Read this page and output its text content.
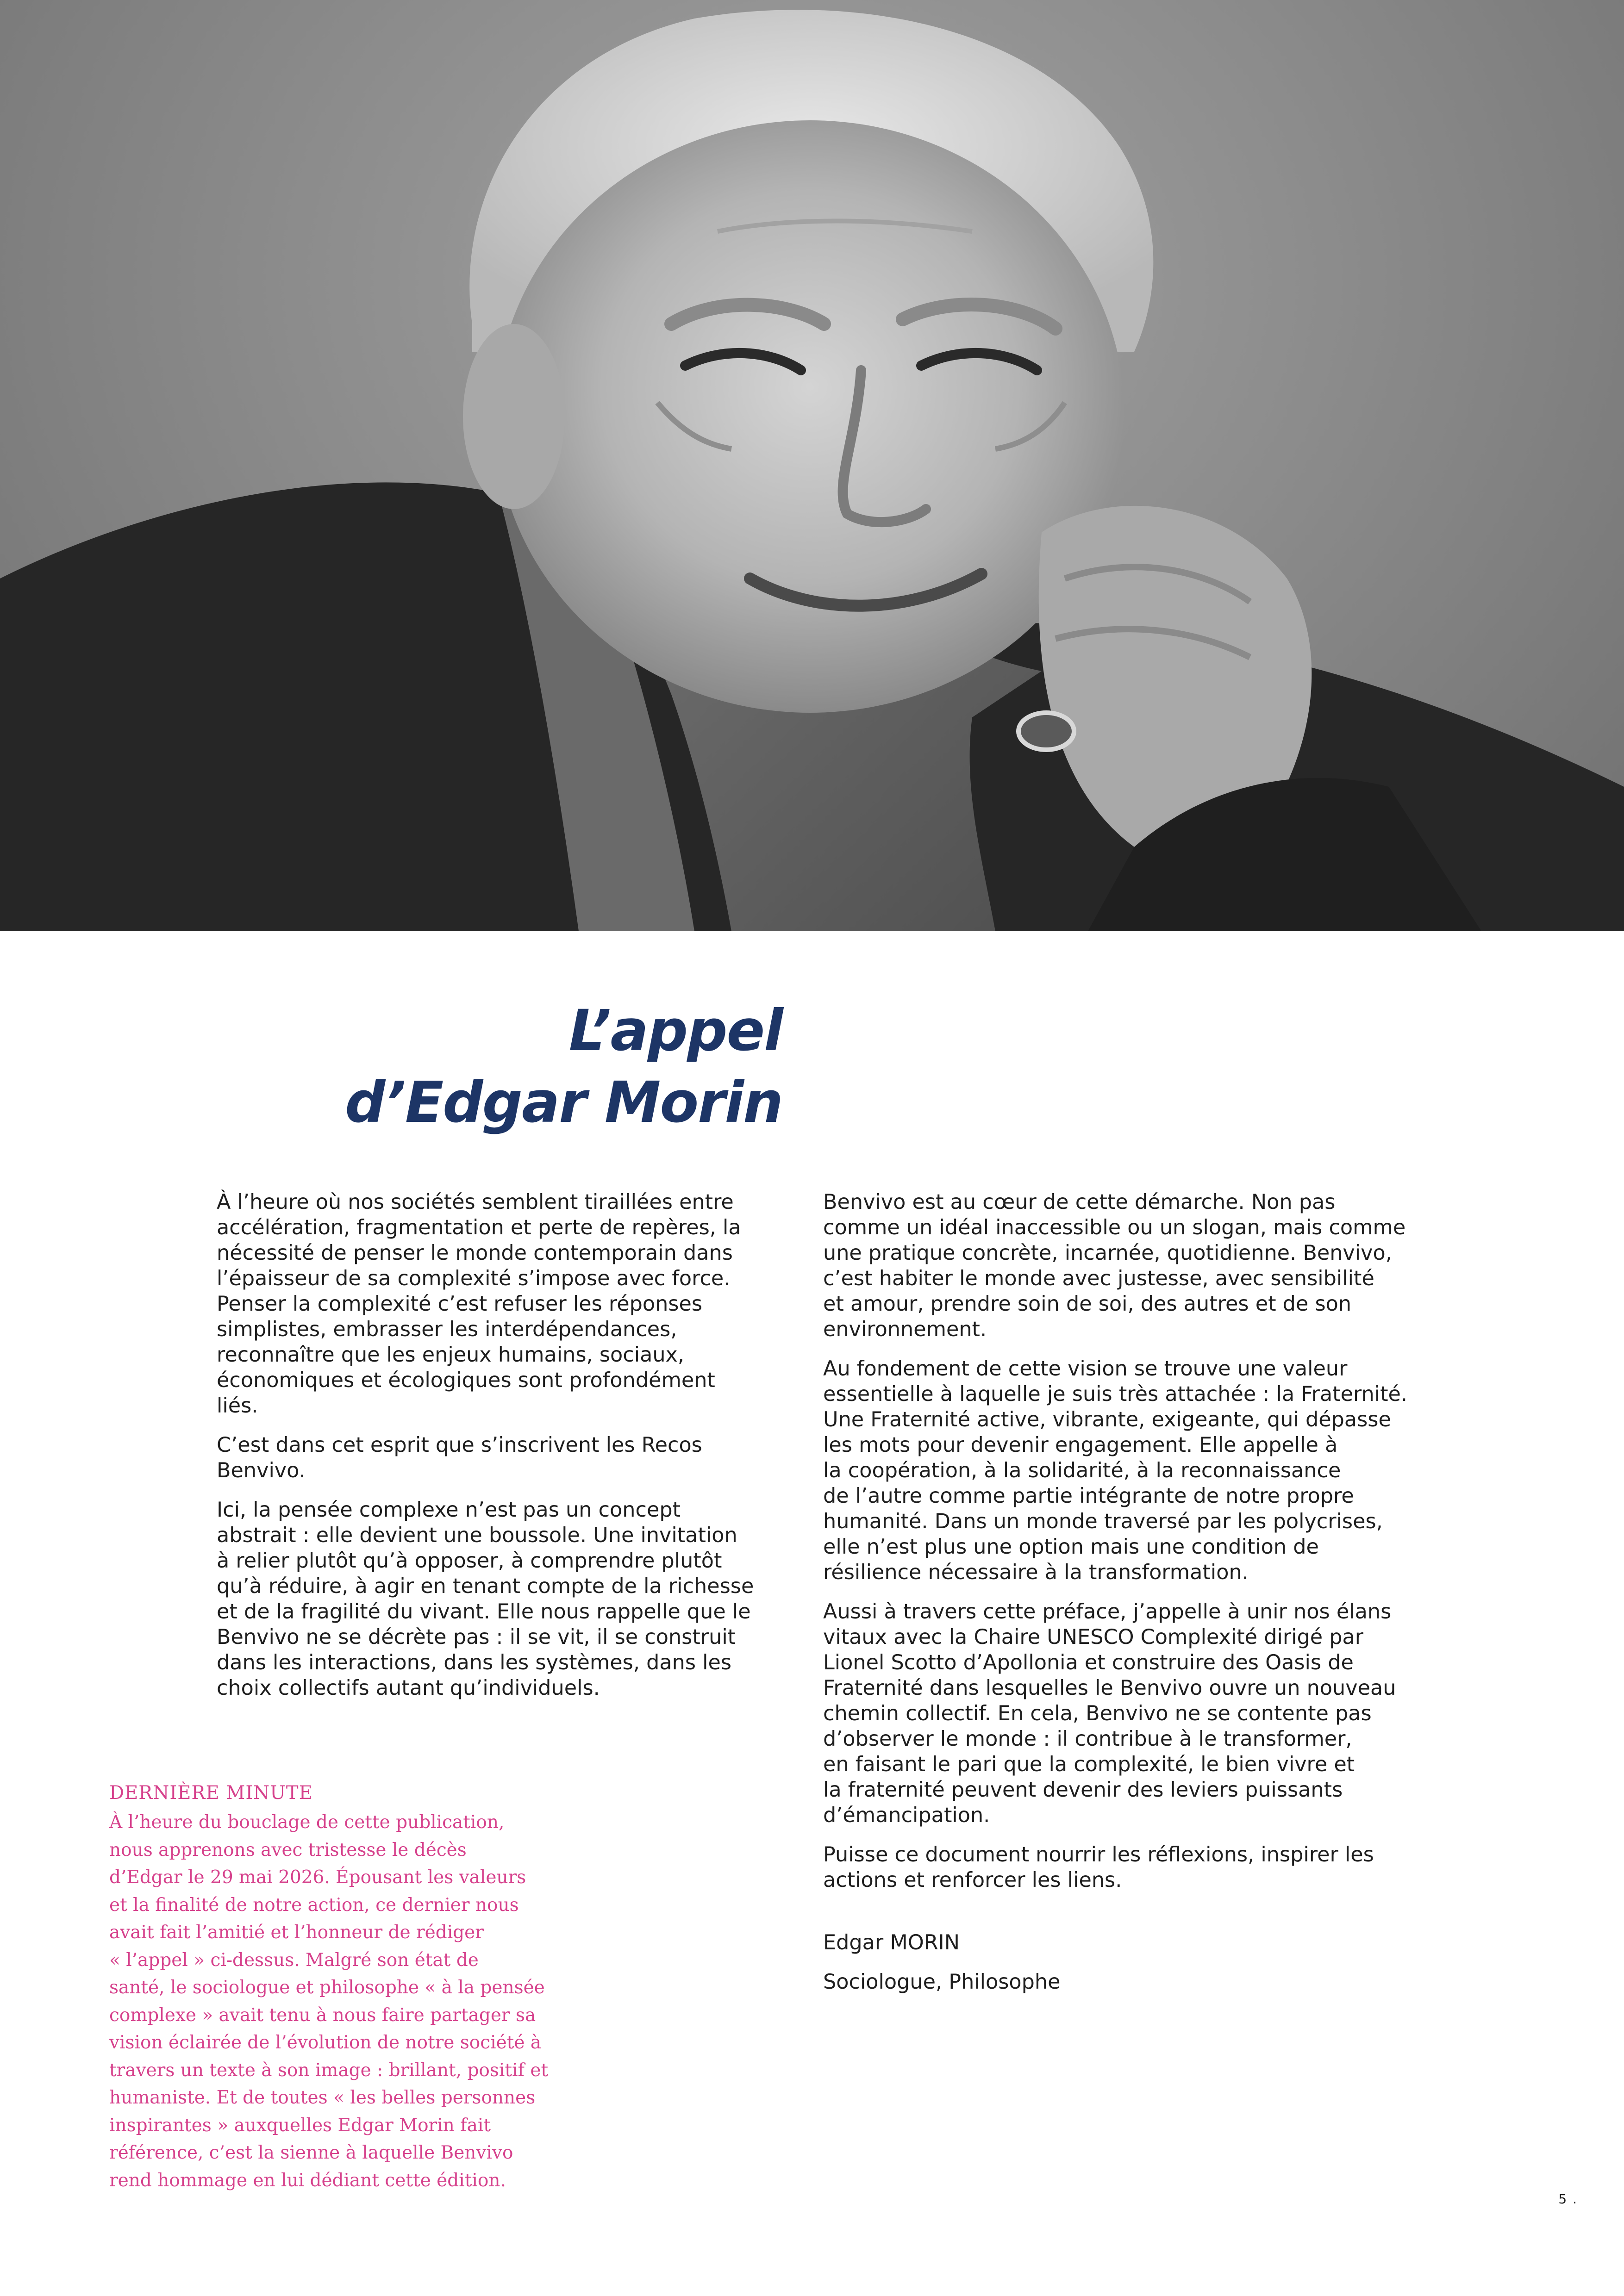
L’appel
d’Edgar Morin

À l’heure où nos sociétés semblent tiraillées entre
accélération, fragmentation et perte de repères, la
nécessité de penser le monde contemporain dans
l’épaisseur de sa complexité s’impose avec force.
Penser la complexité c’est refuser les réponses
simplistes, embrasser les interdépendances,
reconnaître que les enjeux humains, sociaux,
économiques et écologiques sont profondément
liés.

C’est dans cet esprit que s’inscrivent les Recos
Benvivo.

Ici, la pensée complexe n’est pas un concept
abstrait : elle devient une boussole. Une invitation
à relier plutôt qu’à opposer, à comprendre plutôt
qu’à réduire, à agir en tenant compte de la richesse
et de la fragilité du vivant. Elle nous rappelle que le
Benvivo ne se décrète pas : il se vit, il se construit
dans les interactions, dans les systèmes, dans les
choix collectifs autant qu’individuels.

Benvivo est au cœur de cette démarche. Non pas
comme un idéal inaccessible ou un slogan, mais comme
une pratique concrète, incarnée, quotidienne. Benvivo,
c’est habiter le monde avec justesse, avec sensibilité
et amour, prendre soin de soi, des autres et de son
environnement.

Au fondement de cette vision se trouve une valeur
essentielle à laquelle je suis très attachée : la Fraternité.
Une Fraternité active, vibrante, exigeante, qui dépasse
les mots pour devenir engagement. Elle appelle à
la coopération, à la solidarité, à la reconnaissance
de l’autre comme partie intégrante de notre propre
humanité. Dans un monde traversé par les polycrises,
elle n’est plus une option mais une condition de
résilience nécessaire à la transformation.

Aussi à travers cette préface, j’appelle à unir nos élans
vitaux avec la Chaire UNESCO Complexité dirigé par
Lionel Scotto d’Apollonia et construire des Oasis de
Fraternité dans lesquelles le Benvivo ouvre un nouveau
chemin collectif. En cela, Benvivo ne se contente pas
d’observer le monde : il contribue à le transformer,
en faisant le pari que la complexité, le bien vivre et
la fraternité peuvent devenir des leviers puissants
d’émancipation.

Puisse ce document nourrir les réflexions, inspirer les
actions et renforcer les liens.

Edgar MORIN

Sociologue, Philosophe

DERNIÈRE MINUTE

À l’heure du bouclage de cette publication,
nous apprenons avec tristesse le décès
d’Edgar le 29 mai 2026. Épousant les valeurs
et la finalité de notre action, ce dernier nous
avait fait l’amitié et l’honneur de rédiger
« l’appel » ci-dessus. Malgré son état de
santé, le sociologue et philosophe « à la pensée
complexe » avait tenu à nous faire partager sa
vision éclairée de l’évolution de notre société à
travers un texte à son image : brillant, positif et
humaniste. Et de toutes « les belles personnes
inspirantes » auxquelles Edgar Morin fait
référence, c’est la sienne à laquelle Benvivo
rend hommage en lui dédiant cette édition.

5 .
